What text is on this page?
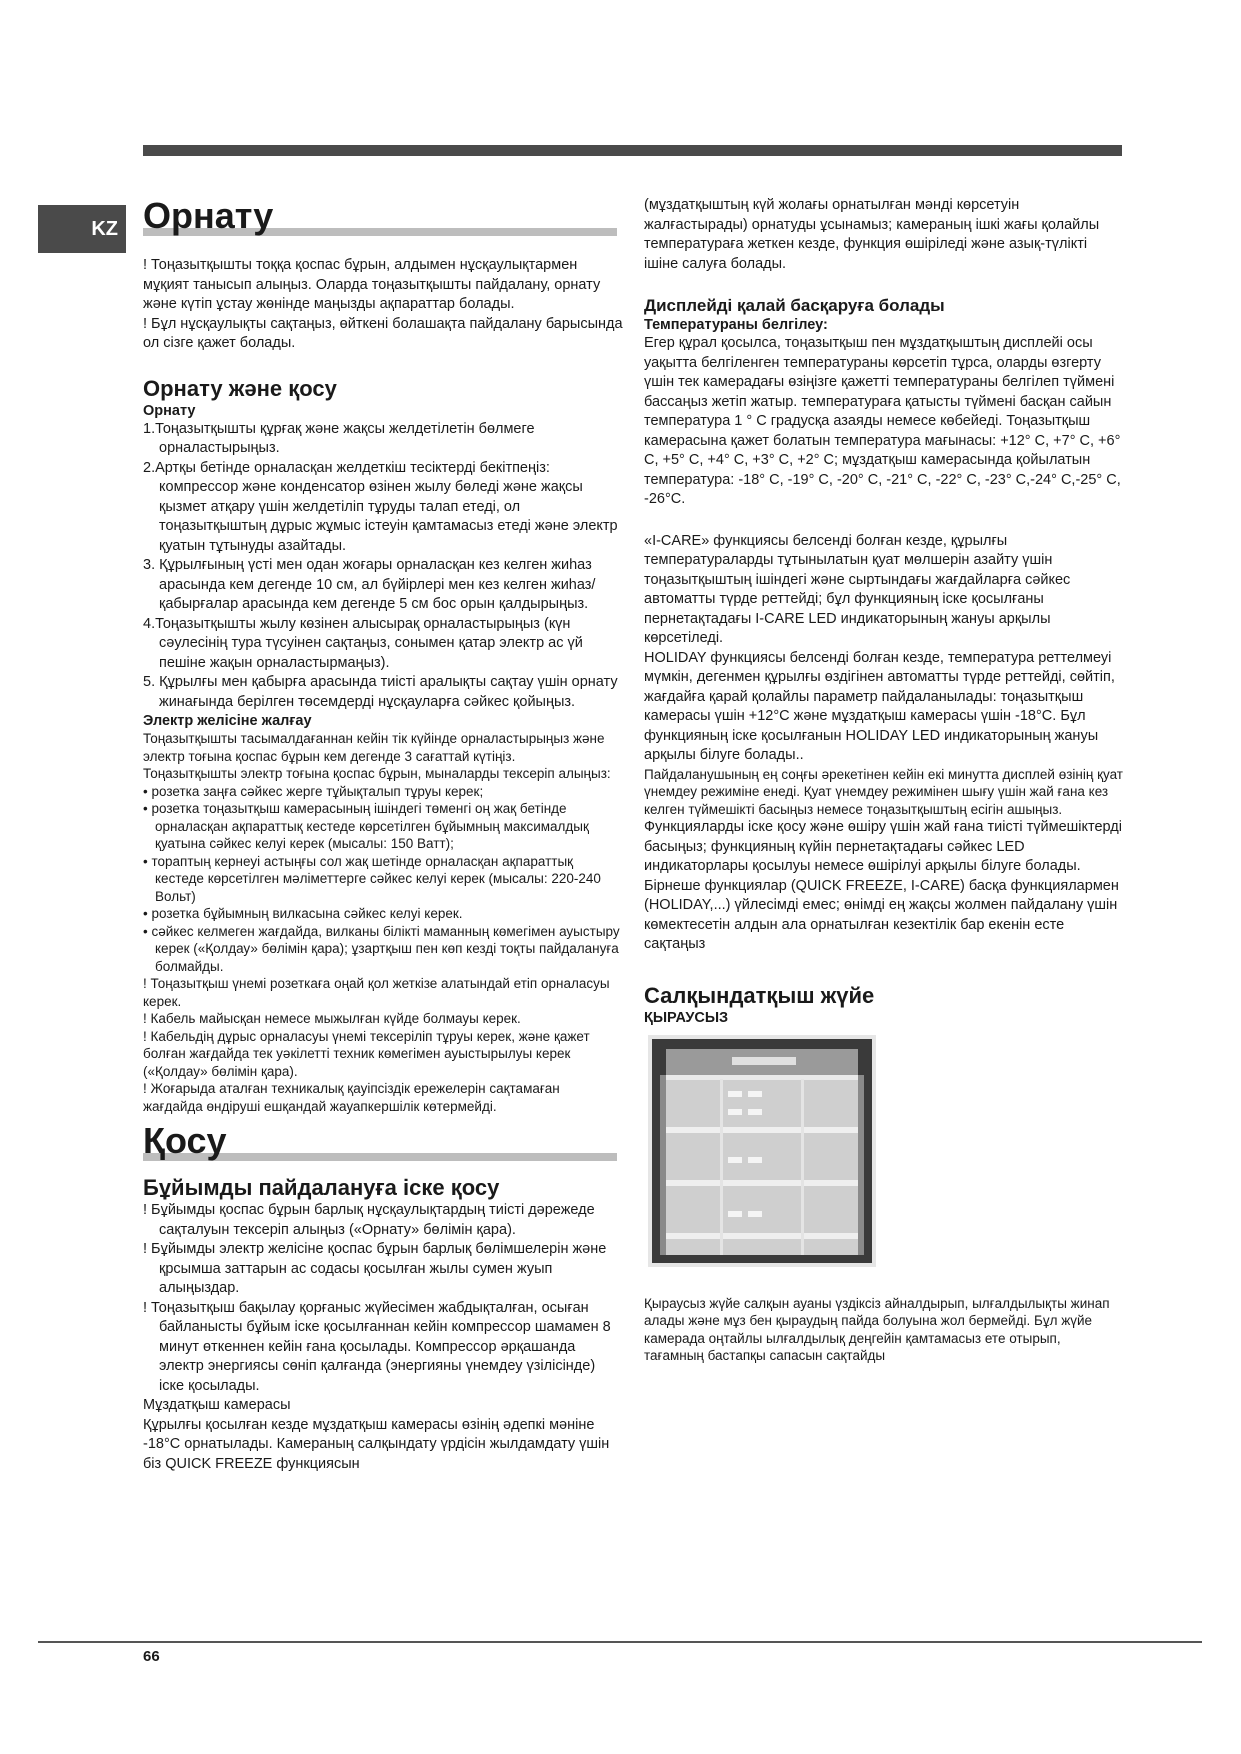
KZ Орнату

! Тоңазытқышты тоққа қоспас бұрын, алдымен нұсқаулықтармен мұқият танысып алыңыз. Оларда тоңазытқышты пайдалану, орнату және күтіп ұстау жөнінде маңызды ақпараттар болады.

! Бұл нұсқаулықты сақтаңыз, өйткені болашақта пайдалану барысында ол сізге қажет болады.

Орнату және қосу
Орнату

1.Тоңазытқышты құрғақ және жақсы желдетілетін бөлмеге орналастырыңыз.

2.Артқы бетінде орналасқан желдеткіш тесіктерді бекітпеңіз: компрессор және конденсатор өзінен жылу бөледі және жақсы қызмет атқару үшін желдетіліп тұруды талап етеді, ол тоңазытқыштың дұрыс жұмыс істеуін қамтамасыз етеді және электр қуатын тұтынуды азайтады.

3. Құрылғының үсті мен одан жоғары орналасқан кез келген жиһаз арасында кем дегенде 10 см, ал бүйірлері мен кез келген жиһаз/қабырғалар арасында кем дегенде 5 см бос орын қалдырыңыз.

4.Тоңазытқышты жылу көзінен алысырақ орналастырыңыз (күн сәулесінің тура түсуінен сақтаңыз, сонымен қатар электр ас үй пешіне жақын орналастырмаңыз).

5. Құрылғы мен қабырға арасында тиісті аралықты сақтау үшін орнату жинағында берілген төсемдерді нұсқауларға сәйкес қойыңыз.

Электр желісіне жалғау

Тоңазытқышты тасымалдағаннан кейін тік күйінде орналастырыңыз және электр тоғына қоспас бұрын кем дегенде 3 сағаттай күтіңіз.

Тоңазытқышты электр тоғына қоспас бұрын, мыналарды тексеріп алыңыз:

• розетка заңға сәйкес жерге тұйықталып тұруы керек;

• розетка тоңазытқыш камерасының ішіндегі төменгі оң жақ бетінде орналасқан ақпараттық кестеде көрсетілген бұйымның максималдық қуатына сәйкес келуі керек (мысалы: 150 Ватт);

• тораптың кернеуі астыңғы сол жақ шетінде орналасқан ақпараттық кестеде көрсетілген мәліметтерге сәйкес келуі керек (мысалы: 220-240 Вольт)

• розетка бұйымның вилкасына сәйкес келуі керек.

• сәйкес келмеген жағдайда, вилканы білікті маманның көмегімен ауыстыру керек («Қолдау» бөлімін қара); ұзартқыш пен көп кезді тоқты пайдалануға болмайды.

! Тоңазытқыш үнемі розеткаға оңай қол жеткізе алатындай етіп орналасуы керек.

! Кабель майысқан немесе мыжылған күйде болмауы керек.

! Кабельдің дұрыс орналасуы үнемі тексеріліп тұруы керек, және қажет болған жағдайда тек уәкілетті техник көмегімен ауыстырылуы керек («Қолдау» бөлімін қара).

! Жоғарыда аталған техникалық қауіпсіздік ережелерін сақтамаған жағдайда өндіруші ешқандай жауапкершілік көтермейді.

Қосу
Бұйымды пайдалануға іске қосу

! Бұйымды қоспас бұрын барлық нұсқаулықтардың тиісті дәрежеде сақталуын тексеріп алыңыз («Орнату» бөлімін қара).

! Бұйымды электр желісіне қоспас бұрын барлық бөлімшелерін және қрсымша заттарын ас содасы қосылған жылы сумен жуып алыңыздар.

! Тоңазытқыш бақылау қорғаныс жүйесімен жабдықталған, осыған байланысты бұйым іске қосылғаннан кейін компрессор шамамен 8 минут өткеннен кейін ғана қосылады. Компрессор әрқашанда электр энергиясы сөніп қалғанда (энергияны үнемдеу үзілісінде) іске қосылады.

Мұздатқыш камерасы

Құрылғы қосылған кезде мұздатқыш камерасы өзінің әдепкі мәніне -18°C орнатылады. Камераның салқындату үрдісін жылдамдату үшін біз QUICK FREEZE функциясын

(мұздатқыштың күй жолағы орнатылған мәнді көрсетуін жалғастырады) орнатуды ұсынамыз; камераның ішкі жағы қолайлы температураға жеткен кезде, функция өшіріледі және азық-түлікті ішіне салуға болады.

Дисплейді қалай басқаруға болады
Температураны белгілеу:

Егер құрал қосылса, тоңазытқыш пен мұздатқыштың дисплейі осы уақытта белгіленген температураны көрсетіп тұрса, оларды өзгерту үшін тек камерадағы өзіңізге қажетті температураны белгілеп түймені бассаңыз жетіп жатыр. температураға қатысты түймені басқан сайын температура 1 ° С градусқа азаяды немесе көбейеді. Тоңазытқыш камерасына қажет болатын температура мағынасы: +12° C, +7° C, +6° C, +5° C, +4° C, +3° C, +2° C; мұздатқыш камерасында қойылатын температура: -18° C, -19° C, -20° C, -21° C, -22° C, -23° C,-24° C,-25° C, -26°C.

«I-CARE» функциясы белсенді болған кезде, құрылғы температураларды тұтынылатын қуат мөлшерін азайту үшін тоңазытқыштың ішіндегі және сыртындағы жағдайларға сәйкес автоматты түрде реттейді; бұл функцияның іске қосылғаны пернетақтадағы I-CARE LED индикаторының жануы арқылы көрсетіледі.

HOLIDAY функциясы белсенді болған кезде, температура реттелмеуі мүмкін, дегенмен құрылғы өздігінен автоматты түрде реттейді, сөйтіп, жағдайға қарай қолайлы параметр пайдаланылады: тоңазытқыш камерасы үшін +12°C және мұздатқыш камерасы үшін -18°C. Бұл функцияның іске қосылғанын HOLIDAY LED индикаторының жануы арқылы білуге болады..

Пайдаланушының ең соңғы әрекетінен кейін екі минутта дисплей өзінің қуат үнемдеу режиміне енеді. Қуат үнемдеу режимінен шығу үшін жай ғана кез келген түймешікті басыңыз немесе тоңазытқыштың есігін ашыңыз.

Функцияларды іске қосу және өшіру үшін жай ғана тиісті түймешіктерді басыңыз; функцияның күйін пернетақтадағы сәйкес LED индикаторлары қосылуы немесе өшірілуі арқылы білуге болады.

Бірнеше функциялар (QUICK FREEZE, I-CARE) басқа функциялармен (HOLIDAY,...) үйлесімді емес; өнімді ең жақсы жолмен пайдалану үшін көмектесетін алдын ала орнатылған кезектілік бар екенін есте сақтаңыз

Салқындатқыш жүйе
ҚЫРАУСЫЗ

Қыраусыз жүйе салқын ауаны үздіксіз айналдырып, ылғалдылықты жинап алады және мұз бен қыраудың пайда болуына жол бермейді. Бұл жүйе камерада оңтайлы ылғалдылық деңгейін қамтамасыз ете отырып, тағамның бастапқы сапасын сақтайды

66
